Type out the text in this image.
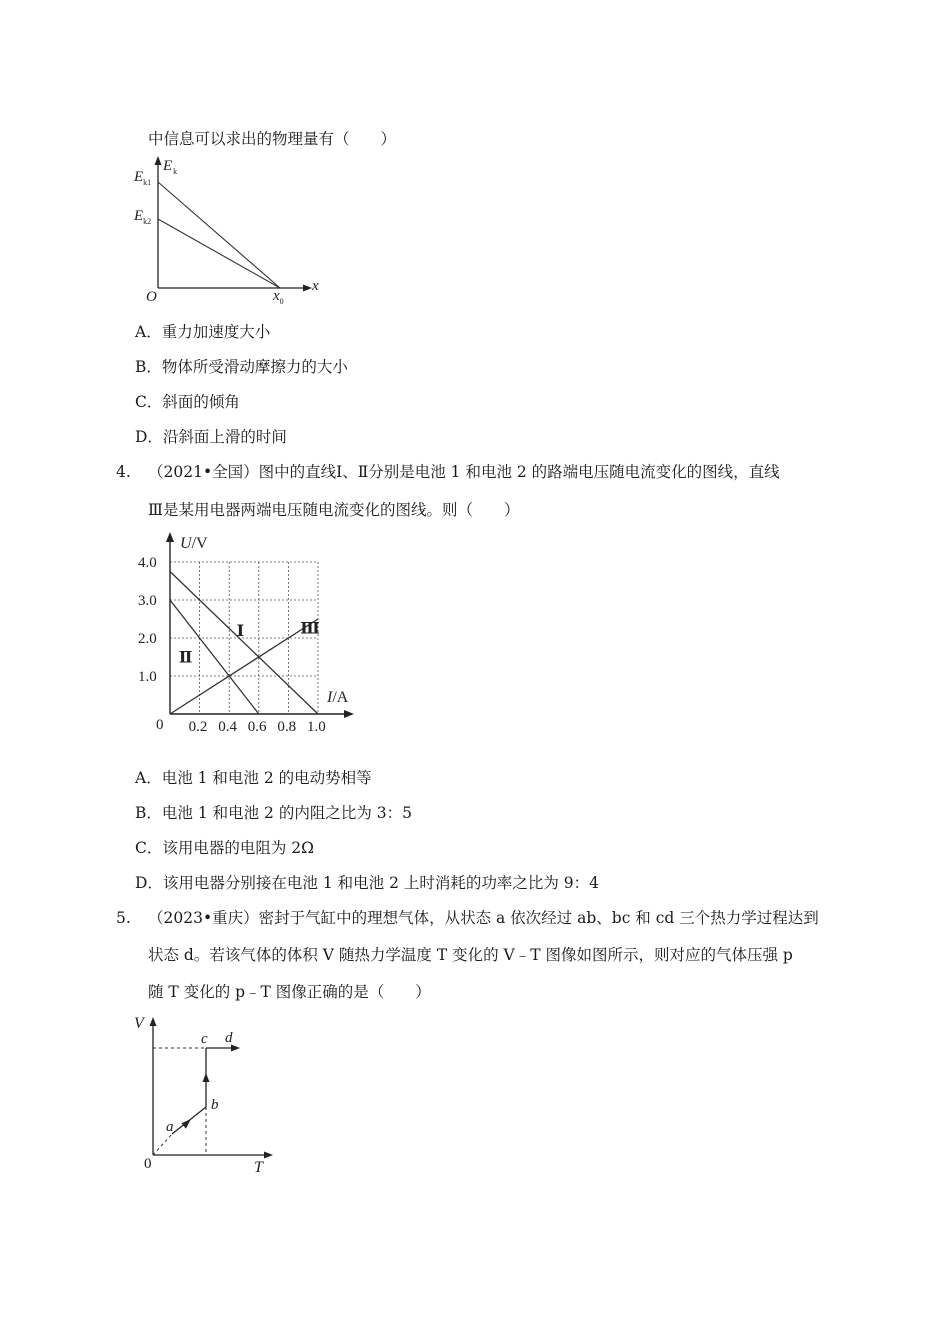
中信息可以求出的物理量有（　　）
$E_k$
$E_{k1}$
$E_{k2}$
O	$x_0$
x
A．重力加速度大小
B．物体所受滑动摩擦力的大小
C．斜面的倾角
D．沿斜面上滑的时间
4. （2021•全国）图中的直线Ⅰ、Ⅱ分别是电池 1 和电池 2 的路端电压随电流变化的图线，直线
Ⅲ是某用电器两端电压随电流变化的图线。则（　　）
Ⅰ
Ⅱ
Ⅲ
0.2 0.4 0.6 0.8 1.0
1.0
2.0
3.0
4.0
0
U/V
I/A
A．电池 1 和电池 2 的电动势相等
B．电池 1 和电池 2 的内阻之比为 3：5
C．该用电器的电阻为 2Ω
D．该用电器分别接在电池 1 和电池 2 上时消耗的功率之比为 9：4
5. （2023•重庆）密封于气缸中的理想气体，从状态 a 依次经过 ab、bc 和 cd 三个热力学过程达到
状态 d。若该气体的体积 V 随热力学温度 T 变化的 V﹣T 图像如图所示，则对应的气体压强 p
随 T 变化的 p﹣T 图像正确的是（　　）
V
T
0
a
b
c d
